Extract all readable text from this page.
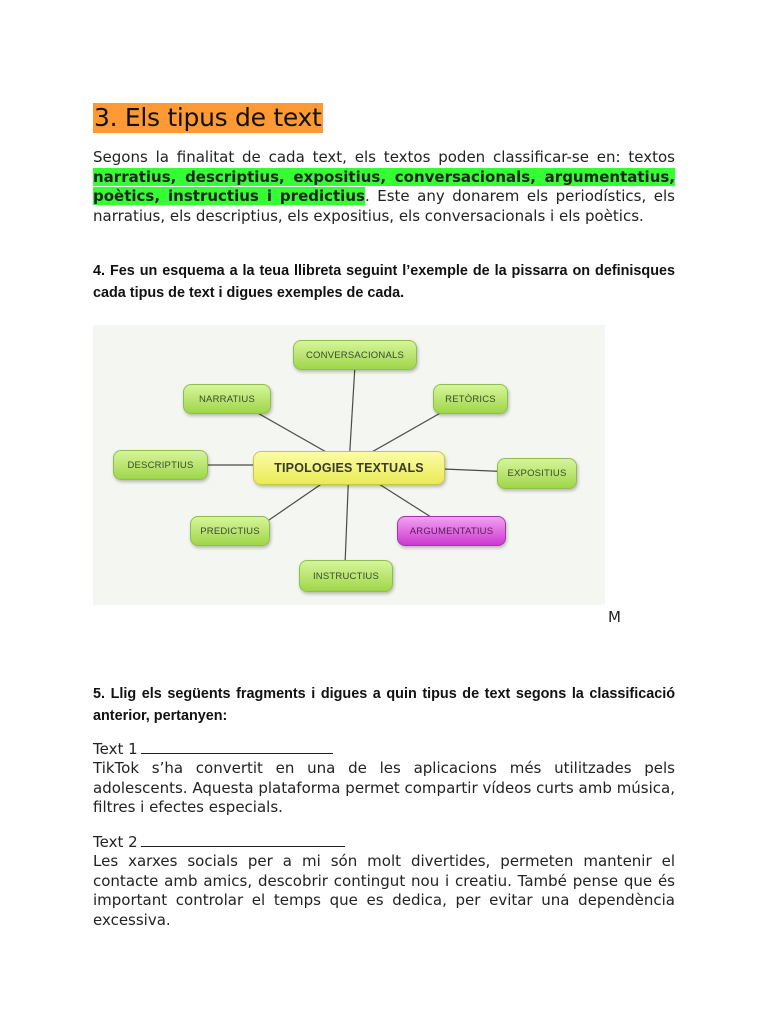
3. Els tipus de text
Segons la finalitat de cada text, els textos poden classificar-se en: textos narratius, descriptius, expositius, conversacionals, argumentatius, poètics, instructius i predictius. Este any donarem els periodístics, els narratius, els descriptius, els expositius, els conversacionals i els poètics.
4. Fes un esquema a la teua llibreta seguint l’exemple de la pissarra on definisques cada tipus de text i digues exemples de cada.
CONVERSACIONALS
NARRATIUS	RETÒRICS
DESCRIPTIUS	TIPOLOGIES TEXTUALS	EXPOSITIUS
PREDICTIUS	ARGUMENTATIUS
INSTRUCTIUS
M
5. Llig els següents fragments i digues a quin tipus de text segons la classificació anterior, pertanyen:
Text 1
TikTok s’ha convertit en una de les aplicacions més utilitzades pels adolescents. Aquesta plataforma permet compartir vídeos curts amb música, filtres i efectes especials.
Text 2
Les xarxes socials per a mi són molt divertides, permeten mantenir el contacte amb amics, descobrir contingut nou i creatiu. També pense que és important controlar el temps que es dedica, per evitar una dependència excessiva.
